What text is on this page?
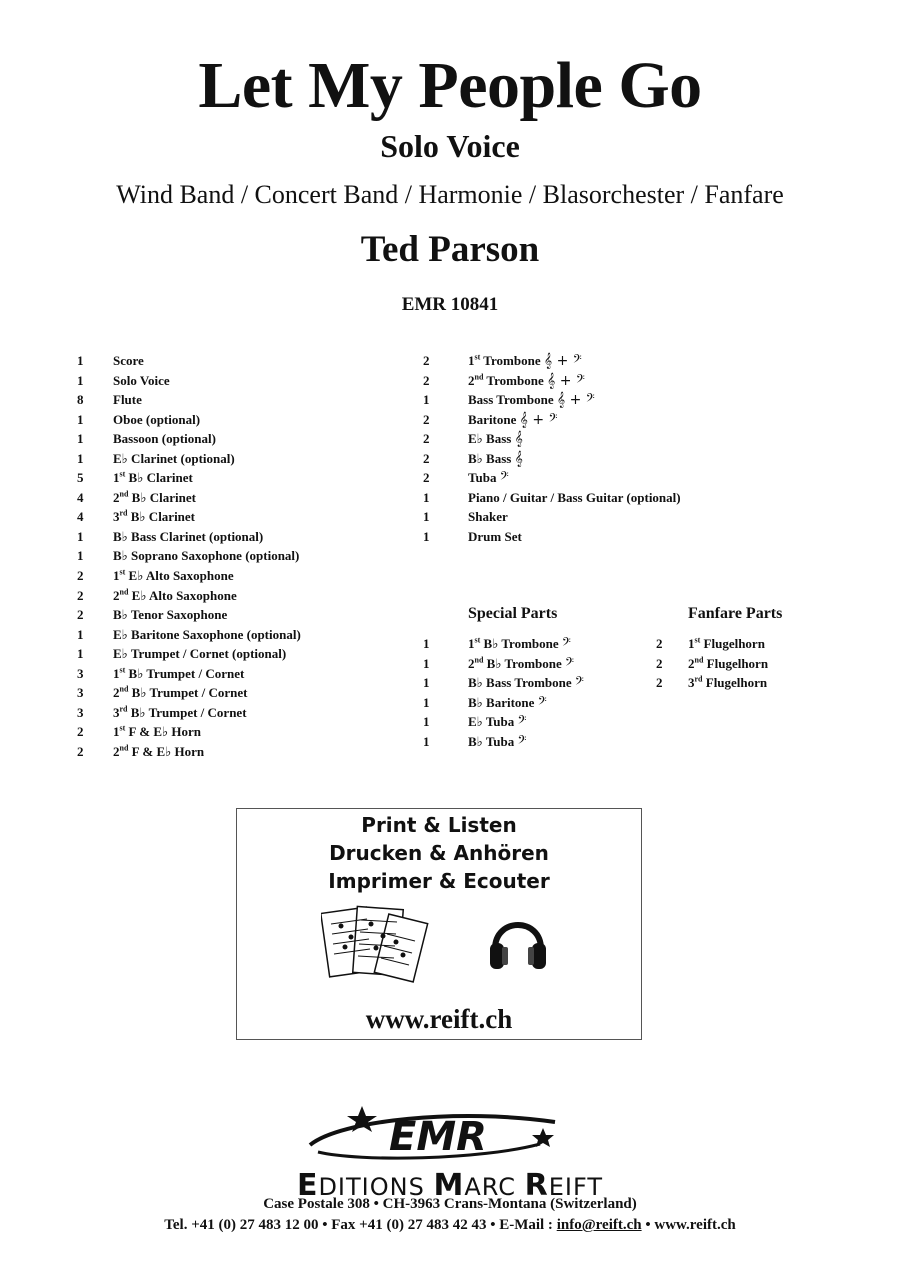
Let My People Go
Solo Voice
Wind Band / Concert Band / Harmonie / Blasorchester / Fanfare
Ted Parson
EMR 10841
1 Score
1 Solo Voice
8 Flute
1 Oboe (optional)
1 Bassoon (optional)
1 E♭ Clarinet (optional)
5 1st B♭ Clarinet
4 2nd B♭ Clarinet
4 3rd B♭ Clarinet
1 B♭ Bass Clarinet (optional)
1 B♭ Soprano Saxophone (optional)
2 1st E♭ Alto Saxophone
2 2nd E♭ Alto Saxophone
2 B♭ Tenor Saxophone
1 E♭ Baritone Saxophone (optional)
1 E♭ Trumpet / Cornet (optional)
3 1st B♭ Trumpet / Cornet
3 2nd B♭ Trumpet / Cornet
3 3rd B♭ Trumpet / Cornet
2 1st F & E♭ Horn
2 2nd F & E♭ Horn
2	1st Trombone 𝄞 + 𝄢
2	2nd Trombone 𝄞 + 𝄢
1	Bass Trombone 𝄞 + 𝄢
2	Baritone 𝄞 + 𝄢
2	E♭ Bass 𝄞
2	B♭ Bass 𝄞
2	Tuba 𝄢
1	Piano / Guitar / Bass Guitar (optional)
1	Shaker
1	Drum Set
Special Parts
1	1st B♭ Trombone 𝄢
1	2nd B♭ Trombone 𝄢
1	B♭ Bass Trombone 𝄢
1	B♭ Baritone 𝄢
1	E♭ Tuba 𝄢
1	B♭ Tuba 𝄢
Fanfare Parts
2 1st Flugelhorn
2 2nd Flugelhorn
2 3rd Flugelhorn
Print & Listen
Drucken & Anhören
Imprimer & Ecouter
www.reift.ch
EMR
EDITIONS MARC REIFT
Case Postale 308 • CH-3963 Crans-Montana (Switzerland)
Tel. +41 (0) 27 483 12 00 • Fax +41 (0) 27 483 42 43 • E-Mail : info@reift.ch • www.reift.ch
